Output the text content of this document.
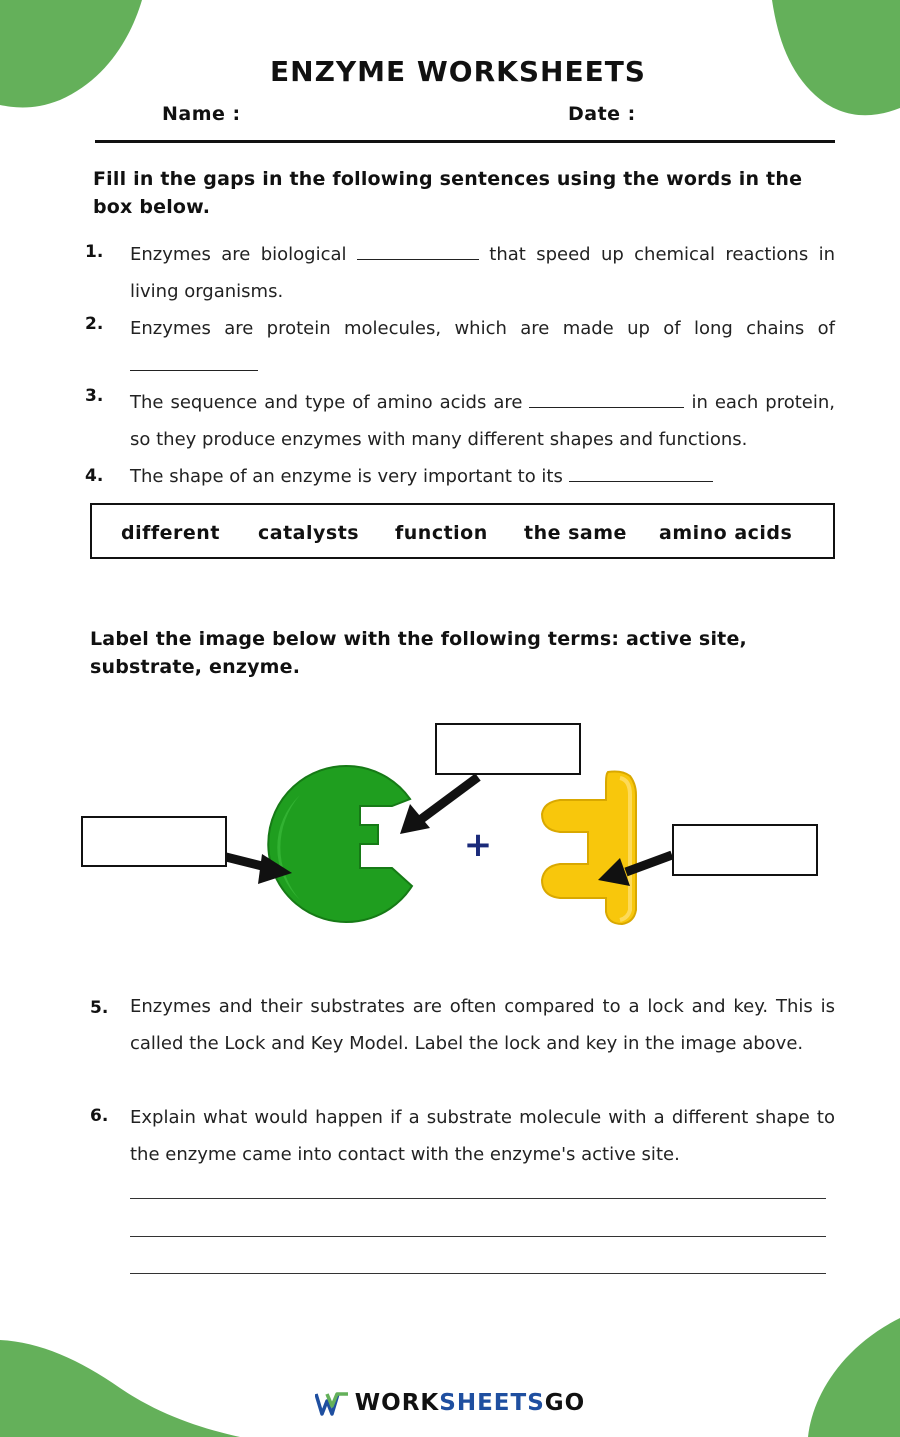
ENZYME WORKSHEETS
Name :	Date :

Fill in the gaps in the following sentences using the words in the box below.

1.	Enzymes are biological	that speed up chemical reactions in living organisms.

2.	Enzymes are protein molecules, which are made up of long chains of

3.	The sequence and type of amino acids are	in each protein, so they produce enzymes with many different shapes and functions.

4.	The shape of an enzyme is very important to its

different catalysts function the same amino acids

Label the image below with the following terms: active site, substrate, enzyme.

+
5.	Enzymes and their substrates are often compared to a lock and key. This is called the Lock and Key Model. Label the lock and key in the image above.

6.	Explain what would happen if a substrate molecule with a different shape to the enzyme came into contact with the enzyme's active site.

WORKSHEETSGO
